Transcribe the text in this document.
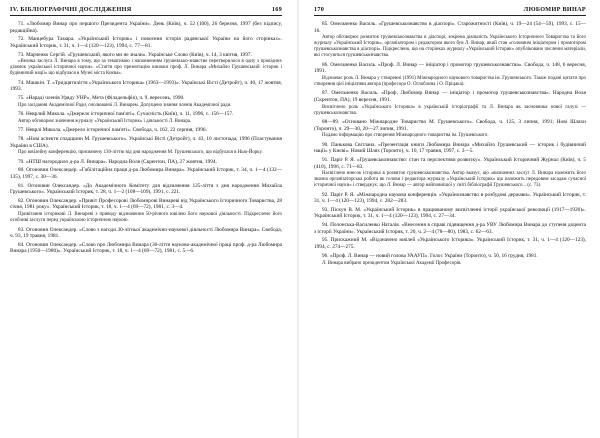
IV. БІБЛІОГРАФІЧНІ ДОСЛІДЖЕННЯ	169

71. «Любомир Винар про першого Президента України». День (Київ), ч. 52 (100), 26 березня, 1997 (без підпису, редакційна).

72. Манцебура Тамара. «Український Історик» і повоєння історія радянської України на його сторінках». Український Історик, т. 31, ч. 1—4 (120—123), 1994, с. 77—81.

73. Марченко Сергій. «Грушевський, якого ми не знали». Українське Слово (Київ), ч. 14, 3 квітня, 1997.

«Велика заслуга Л. Винара в тому, що за тематикою і наповненням грушевсько-знавство перетворилося в одну з провідних ділянок української історичної науки». «Стаття про презентацію книжки проф. Л. Винара «Михайло Грушевський: історик і будівничий нації» що відбулася в Музеї міста Києва».

74. Машкін. Т. «Тридцятиліття «Українського Історика» (1963—1993)». Українські Вісті (Детройт), ч. 40, 17 жовтня, 1993.

75. «Нараді членів Уряду УНР», Мета (Філадельфія), ч. 9, вересень, 1990.

Про засідання Академічної Ради, очолюваної Л. Винарем. Допущено знання членів Академічної ради.

76. Неврлий Микола. «Джерело історичної пам'яті». Сучасність (Київ), ч. 11, 1996, с. 156—157.

Автор обговорює значення журналу «Український Історик» і діяльності Л. Винара.

77. Неврлі Микола. «Джерело історичної пам'яті». Свобода, ч. 162, 22 серпня, 1996.

78. «Нові аспекти спадщини М. Грушевського». Українські Вісті (Детройт), ч. 43, 10 листопада, 1996 (Пластування України в США).

Про ювілейну конференцію, присвячену 130-літтю від дня народження М. Грушевського, що відбулася в Нью-Йорку.

79. «НТШ нагородило д-ра Л. Винара». Народна Воля (Скрентон, ПА), 27 жовтня, 1994.

80. Огоновин Олександер. «Габілітаційна праця д-ра Любомира Винара». Український Історик, т. 34, ч. 1—4 (132—135), 1997, с. 30—36.

81. Огоновин Олександер. «До Академічного Комітету для відзначення 125-ліття з дня народження Михайла Грушевського». Український Історик, т. 28, ч. 1—2 (108—109), 1991, с. 221.

82. Огоновин Олександер. «Привіт Професорові Любомирові Винареві від Українського Історичного Товариства, 28 січня, 1981 року». Український Історик, т. 18, ч. 1—4 (69—72), 1981, с. 3—4.

Привітання історикові Л. Винареві з приводу відзначення 50-річного ювілею його наукової діяльності. Підкреслено його особливі заслуги перед українською історичною наукою.

83. Огоновин Олександер. «Слово з нагоди 30-літньої академічно-наукової діяльності Любомира Винара». Свобода, ч. 93, 19 травня, 1981.

84. Огоновин Олександер. «Слово про Любомира Винара (30-ліття науково-академічної праці проф. д-ра Любомира Винара (1950—1980)». Український Історик, т. 18, ч. 1—4 (69—72), 1981, с. 5—6.

170	ЛЮБОМИР ВИНАР

85. Омельченко Василь. «Грушевськознавство в діаспорі». Старожитності (Київ), ч. 19—24 (54—59), 1993, с. 15—16.

Автор обговорює розвиток грушевськознавства в діаспорі, зокрема діяльність Українського Історичного Товариства та його журналу «Український Історик», організатором і редактором якого був Л. Винар, який став «головним ініціатором і промотором грушевськознавства в діаспорі». Підкреслено, що на сторінках журналу «Український Історик» опубліковано численні матеріали, які стосуються грушевськознавства.

86. Омельченко Василь. «Проф. Л. Винар — ініціатор і промотор грушевськознавства». Свобода, ч. 148, 6 вересня, 1991.

Відзначає роль Л. Винара у створенні (1991) Міжнародного наукового товариства ім. Грушевського. Також подані цитати про створення цієї ініціативи автора (професора О. Оглоблина і О. Пріцака).

87. Омельченко Василь. «Проф. Любомир Винар — ініціатор і промотор грушевськознавства». Народна Воля (Скрентон, ПА), 19 вересня, 1991.

Висвітлено роль «Українського Історика» в українській історіографії та Л. Винара як засновника нової галузі — грушевськознавства.

88—89. «Основано Міжнародне Товариство М. Грушевського». Свобода, ч. 125, 3 липня, 1991; Нові Шляхи (Торонто), ч. 29—30, 20—27 липня, 1991.

Подано інформацію про створення Міжнародного товариства ім. Грушевського.

90. Панькова Світлана. «Презентація книги Любомира Винара «Михайло Грушевський — історик і будівничий нації» у Києві». Новий Шлях (Торонто), ч. 10, 17 травня, 1997, с. 3—5.

91. Паріг Р. Я. «Грушевськознавство: стан та перспективи розвитку». Український Історичний Журнал (Київ), ч. 5 (410), 1996, с. 71—83.

Насвітлено внесок історика в розвиток грушевськознавства. Автор вказує, що «визначних заслуг Л. Винара належить його значна організаторська робота як голови і редактора журналу «Український Історик» що належить передовим засадам сучасної історичної науки» і стверджує, що Л. Винар — автор найповнішої у світі бібліографії Грушевського... (с. 73).

92. Паріг Р. Я. «Міжнародна наукова конференція. «Українознавство в розбудові держави». Український Історик, т. 31, ч. 1—4 (120—123), 1994, с. 282—283.

93. Піскун В. М. «Український Історик» в працюваному висвітленні історії української революції (1917—1920)». Український Історик, т. 31, ч. 1—4 (120—123), 1994, с. 27—34.

94. Полонська-Василенко Наталія. «Внесення в справі підвищення д-ра УВУ Любомира Винара до ступеня доцента з історії України». Український Історик, т. 20, ч. 2—4 (78—80), 1983, с. 62—63.

95. Прискажний М. «Відзначено ювілей «Українського Історика». Український Історик, т. 31, ч. 1—4 (120—123), 1994, с. 274—275.

96. «Проф. Л. Винар — новий голова УААУП». Голос України (Торонто), ч. 50, 16 грудня, 1981.

Л. Винара вибрано президентом Української Академії Професорів.
